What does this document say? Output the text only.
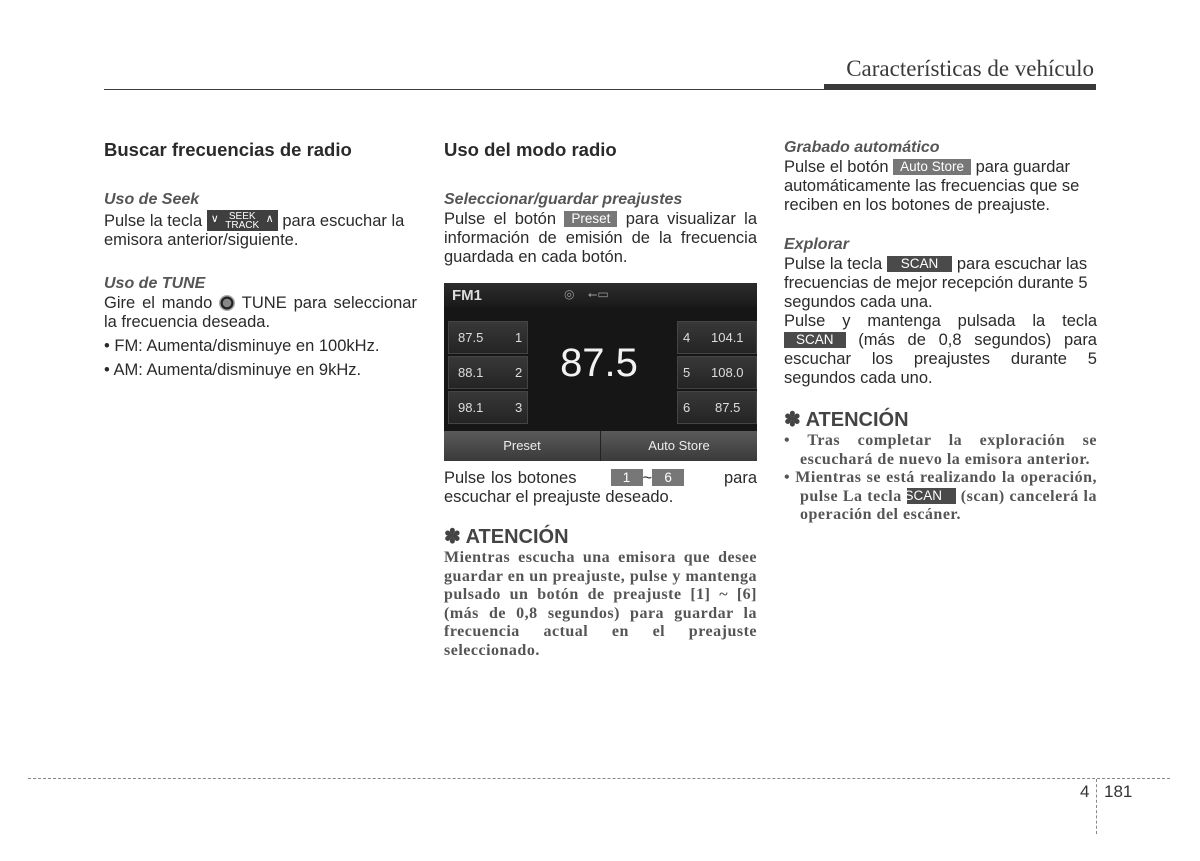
Características de vehículo

Buscar frecuencias de radio

Uso de Seek

Pulse la tecla ∨	SEEK
TRACK
∧ para escuchar la emisora anterior/siguiente.

Uso de TUNE

Gire el mando TUNE para seleccionar la frecuencia deseada.

• FM: Aumenta/disminuye en 100kHz.

• AM: Aumenta/disminuye en 9kHz.

Uso del modo radio

Seleccionar/guardar preajustes

Pulse el botón Preset para visualizar la información de emisión de la frecuencia guardada en cada botón.

FM1	◎    ⭠▭
87.5 1
88.1 2
98.1 3
87.5
4 104.1
5 108.0
6 87.5
Preset	Auto Store

Pulse los botones	1 ~ 6	para escuchar el preajuste deseado.

✽ ATENCIÓN

Mientras escucha una emisora que desee guardar en un preajuste, pulse y mantenga pulsado un botón de preajuste [1] ~ [6] (más de 0,8 segundos) para guardar la frecuencia actual en el preajuste seleccionado.

Grabado automático

Pulse el botón Auto Store para guardar automáticamente las frecuencias que se reciben en los botones de preajuste.

Explorar

Pulse la tecla SCAN para escuchar las frecuencias de mejor recepción durante 5 segundos cada una.

Pulse y mantenga pulsada la tecla SCAN (más de 0,8 segundos) para escuchar los preajustes durante 5 segundos cada uno.

✽ ATENCIÓN

• Tras completar la exploración se escuchará de nuevo la emisora anterior.

• Mientras se está realizando la operación, pulse La tecla SCAN (scan) cancelerá la operación del escáner.

4 181
